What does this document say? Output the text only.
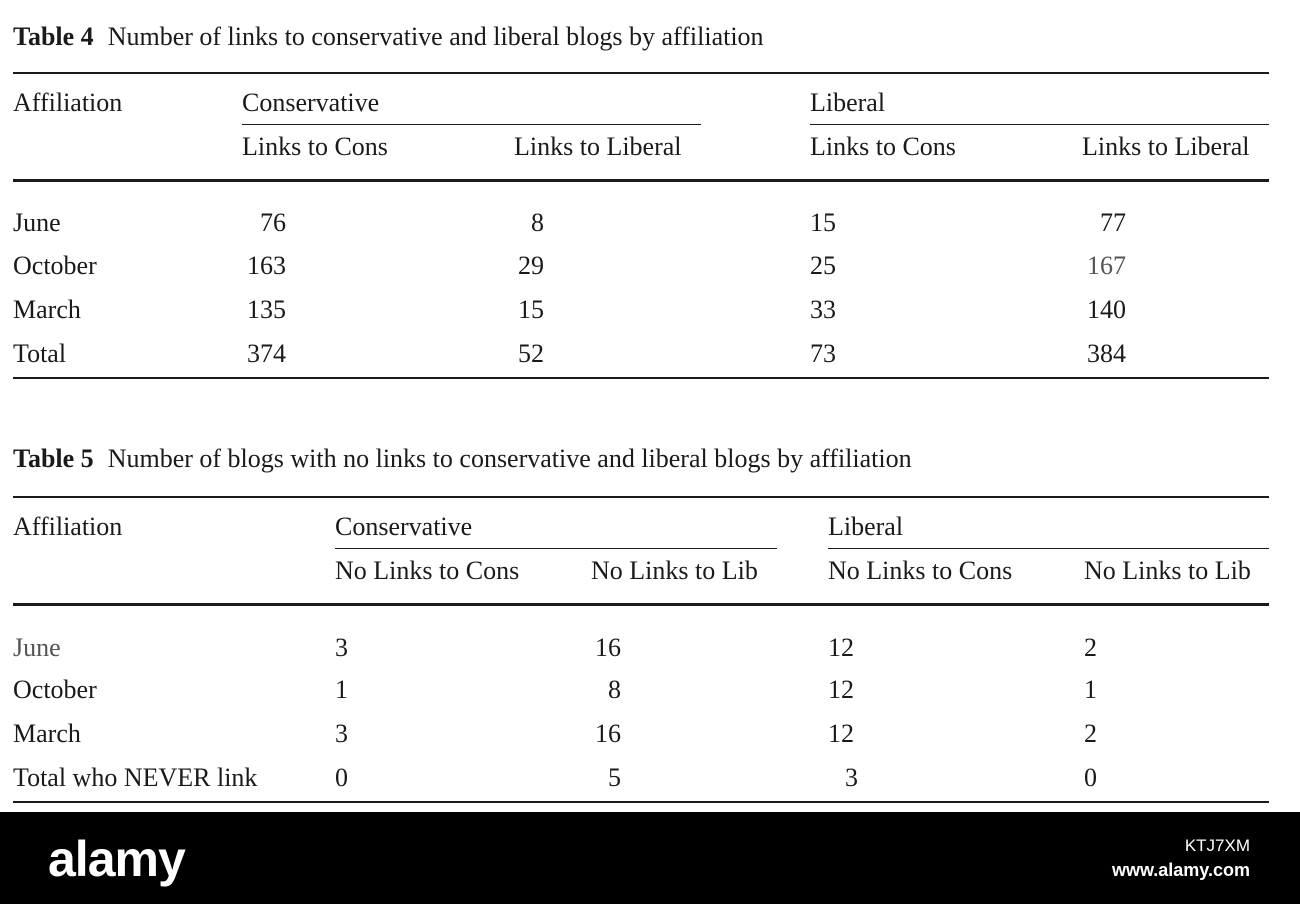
Table 4 Number of links to conservative and liberal blogs by affiliation
Affiliation	Conservative	Liberal
Links to Cons	Links to Liberal	Links to Cons	Links to Liberal
June	76	8	15	77
October	163	29	25	167
March	135	15	33	140
Total	374	52	73	384
Table 5 Number of blogs with no links to conservative and liberal blogs by affiliation
Affiliation	Conservative	Liberal
No Links to Cons	No Links to Lib	No Links to Cons	No Links to Lib
June	3	16	12	2
October	1	8	12	1
March	3	16	12	2
Total who NEVER link	0	5	3	0
alamy	KTJ7XM
www.alamy.com
